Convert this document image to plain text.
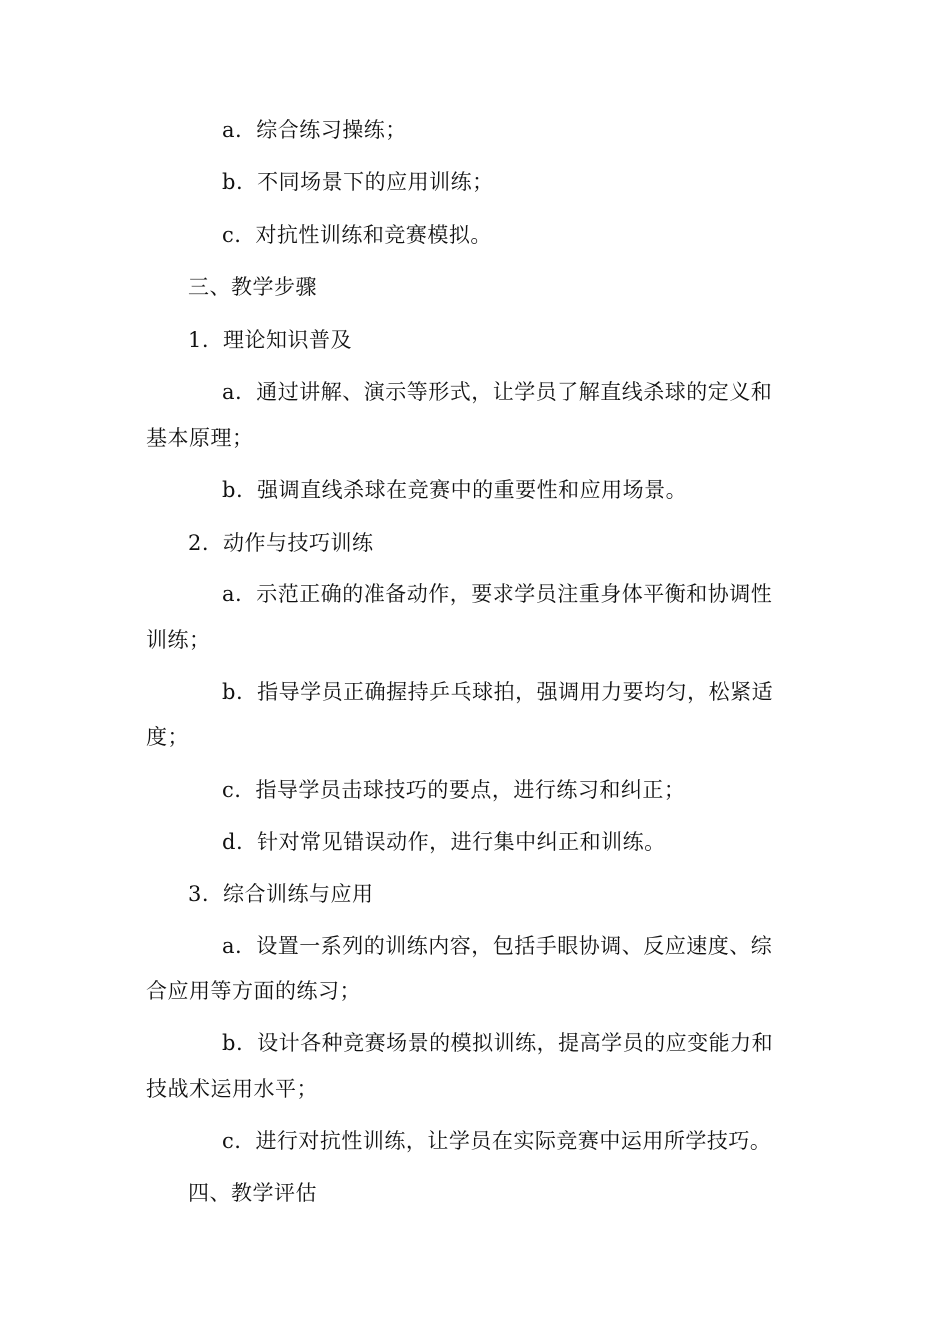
a. 综合练习操练；

b. 不同场景下的应用训练；

c. 对抗性训练和竞赛模拟。

三、教学步骤

1. 理论知识普及

a. 通过讲解、演示等形式，让学员了解直线杀球的定义和

基本原理；

b. 强调直线杀球在竞赛中的重要性和应用场景。

2. 动作与技巧训练

a. 示范正确的准备动作，要求学员注重身体平衡和协调性

训练；

b. 指导学员正确握持乒乓球拍，强调用力要均匀，松紧适

度；

c. 指导学员击球技巧的要点，进行练习和纠正；

d. 针对常见错误动作，进行集中纠正和训练。

3. 综合训练与应用

a. 设置一系列的训练内容，包括手眼协调、反应速度、综

合应用等方面的练习；

b. 设计各种竞赛场景的模拟训练，提高学员的应变能力和

技战术运用水平；

c. 进行对抗性训练，让学员在实际竞赛中运用所学技巧。

四、教学评估
